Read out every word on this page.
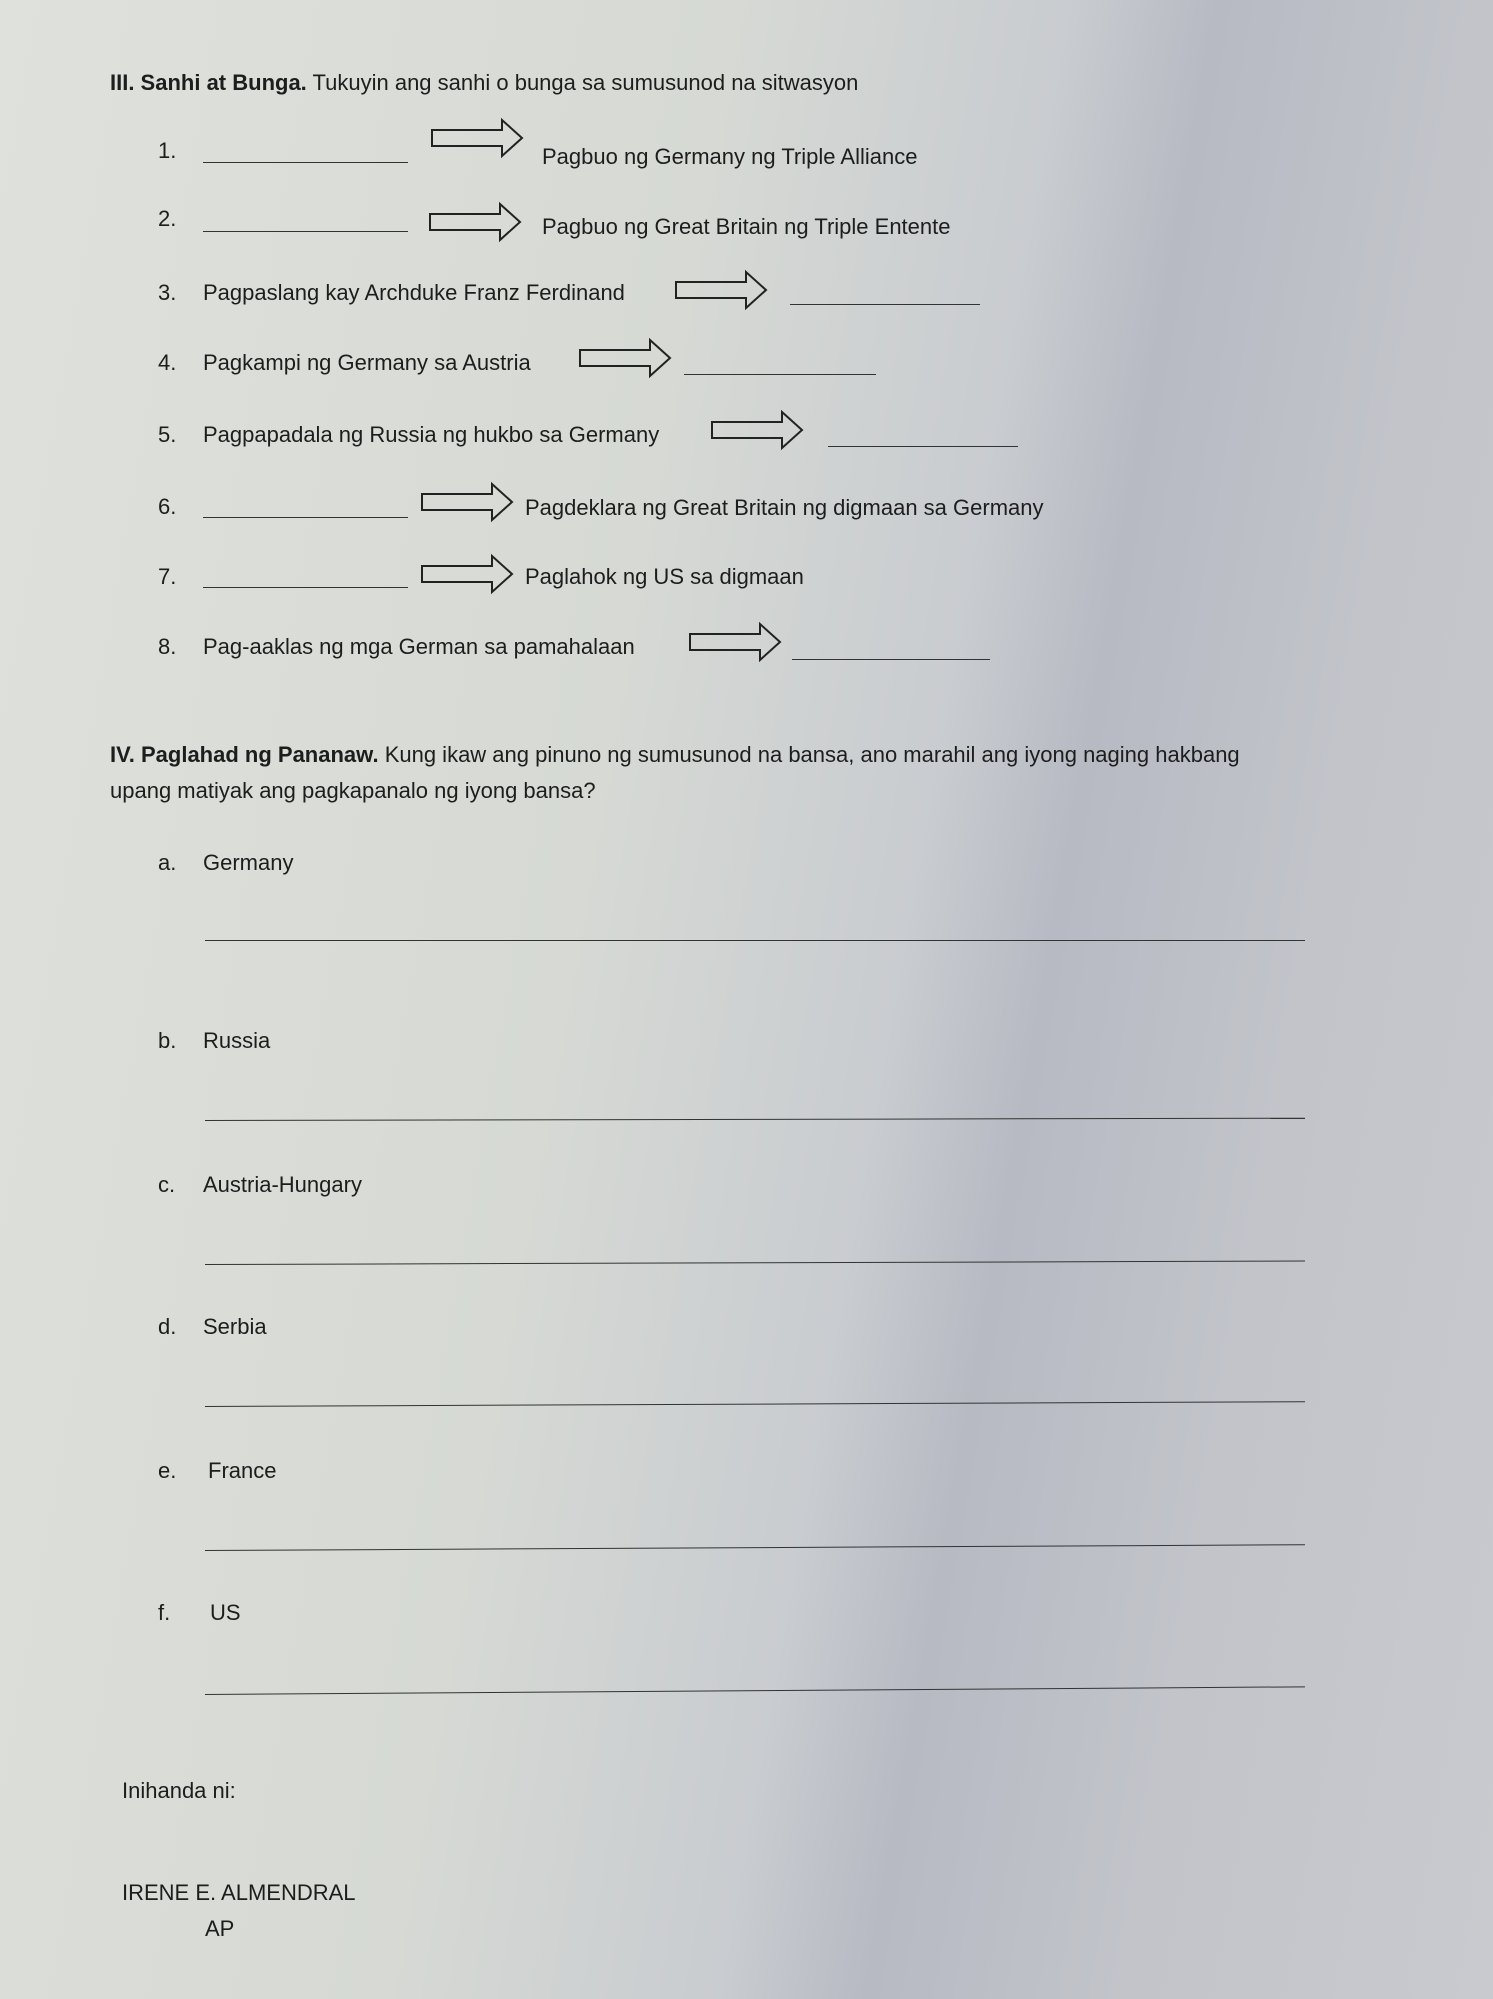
III. Sanhi at Bunga. Tukuyin ang sanhi o bunga sa sumusunod na sitwasyon
1.	Pagbuo ng Germany ng Triple Alliance
2.	Pagbuo ng Great Britain ng Triple Entente
3. Pagpaslang kay Archduke Franz Ferdinand
4. Pagkampi ng Germany sa Austria
5. Pagpapadala ng Russia ng hukbo sa Germany
6.	Pagdeklara ng Great Britain ng digmaan sa Germany
7.	Paglahok ng US sa digmaan
8. Pag-aaklas ng mga German sa pamahalaan
IV. Paglahad ng Pananaw. Kung ikaw ang pinuno ng sumusunod na bansa, ano marahil ang iyong naging hakbang
upang matiyak ang pagkapanalo ng iyong bansa?
a. Germany
b. Russia
c. Austria-Hungary
d. Serbia
e. France
f. US
Inihanda ni:
IRENE E. ALMENDRAL
AP
